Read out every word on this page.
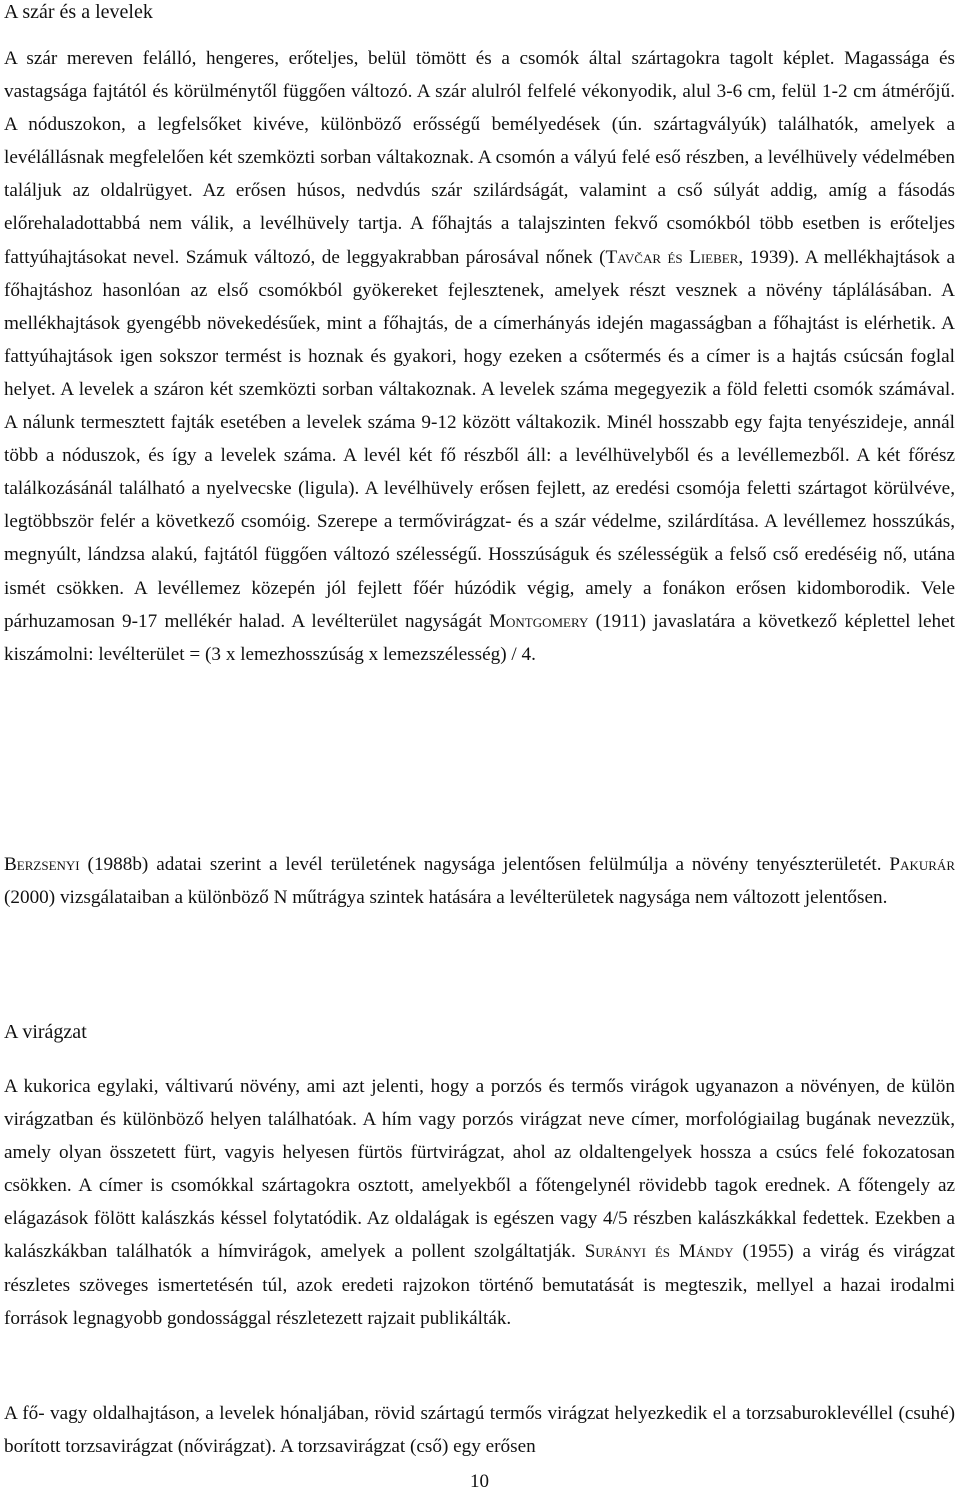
A szár és a levelek

A szár mereven felálló, hengeres, erőteljes, belül tömött és a csomók által szártagokra tagolt képlet. Magassága és vastagsága fajtától és körülménytől függően változó. A szár alulról felfelé vékonyodik, alul 3-6 cm, felül 1-2 cm átmérőjű. A nóduszokon, a legfelsőket kivéve, különböző erősségű bemélyedések (ún. szártagvályúk) találhatók, amelyek a levélállásnak megfelelően két szemközti sorban váltakoznak. A csomón a vályú felé eső részben, a levélhüvely védelmében találjuk az oldalrügyet. Az erősen húsos, nedvdús szár szilárdságát, valamint a cső súlyát addig, amíg a fásodás előrehaladottabbá nem válik, a levélhüvely tartja. A főhajtás a talajszinten fekvő csomókból több esetben is erőteljes fattyúhajtásokat nevel. Számuk változó, de leggyakrabban párosával nőnek (Tavčar és Lieber, 1939). A mellékhajtások a főhajtáshoz hasonlóan az első csomókból gyökereket fejlesztenek, amelyek részt vesznek a növény táplálásában. A mellékhajtások gyengébb növekedésűek, mint a főhajtás, de a címerhányás idején magasságban a főhajtást is elérhetik. A fattyúhajtások igen sokszor termést is hoznak és gyakori, hogy ezeken a csőtermés és a címer is a hajtás csúcsán foglal helyet. A levelek a száron két szemközti sorban váltakoznak. A levelek száma megegyezik a föld feletti csomók számával. A nálunk termesztett fajták esetében a levelek száma 9-12 között váltakozik. Minél hosszabb egy fajta tenyészideje, annál több a nóduszok, és így a levelek száma. A levél két fő részből áll: a levélhüvelyből és a levéllemezből. A két főrész találkozásánál található a nyelvecske (ligula). A levélhüvely erősen fejlett, az eredési csomója feletti szártagot körülvéve, legtöbbször felér a következő csomóig. Szerepe a termővirágzat- és a szár védelme, szilárdítása. A levéllemez hosszúkás, megnyúlt, lándzsa alakú, fajtától függően változó szélességű. Hosszúságuk és szélességük a felső cső eredéséig nő, utána ismét csökken. A levéllemez közepén jól fejlett főér húzódik végig, amely a fonákon erősen kidomborodik. Vele párhuzamosan 9-17 mellékér halad. A levélterület nagyságát Montgomery (1911) javaslatára a következő képlettel lehet kiszámolni: levélterület = (3 x lemezhosszúság x lemezszélesség) / 4.

Berzsenyi (1988b) adatai szerint a levél területének nagysága jelentősen felülmúlja a növény tenyészterületét. Pakurár (2000) vizsgálataiban a különböző N műtrágya szintek hatására a levélterületek nagysága nem változott jelentősen.

A virágzat

A kukorica egylaki, váltivarú növény, ami azt jelenti, hogy a porzós és termős virágok ugyanazon a növényen, de külön virágzatban és különböző helyen találhatóak. A hím vagy porzós virágzat neve címer, morfológiailag bugának nevezzük, amely olyan összetett fürt, vagyis helyesen fürtös fürtvirágzat, ahol az oldaltengelyek hossza a csúcs felé fokozatosan csökken. A címer is csomókkal szártagokra osztott, amelyekből a főtengelynél rövidebb tagok erednek. A főtengely az elágazások fölött kalászkás késsel folytatódik. Az oldalágak is egészen vagy 4/5 részben kalászkákkal fedettek. Ezekben a kalászkákban találhatók a hímvirágok, amelyek a pollent szolgáltatják. Surányi és Mándy (1955) a virág és virágzat részletes szöveges ismertetésén túl, azok eredeti rajzokon történő bemutatását is megteszik, mellyel a hazai irodalmi források legnagyobb gondossággal részletezett rajzait publikálták.

A fő- vagy oldalhajtáson, a levelek hónaljában, rövid szártagú termős virágzat helyezkedik el a torzsaburoklevéllel (csuhé) borított torzsavirágzat (nővirágzat). A torzsavirágzat (cső) egy erősen

10
